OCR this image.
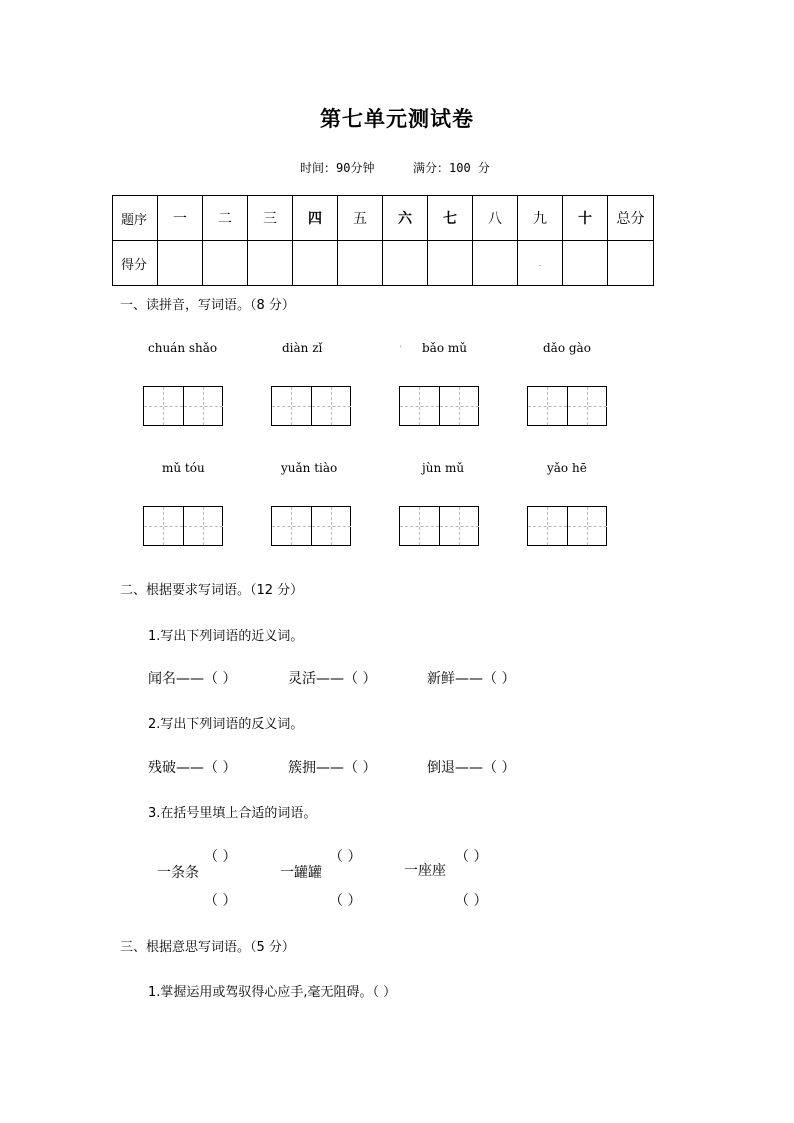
第七单元测试卷
时间：90分钟	满分：100 分
题序	一	二	三	四	五	六	七	八	九	十	总分
得分									.		
一、读拼音，写词语。（8 分）
chuán shǎo	diàn zǐ	. bǎo mǔ	dǎo gào
mǔ tóu	yuǎn tiào	jùn mǔ	yǎo hē
二、根据要求写词语。（12 分）
1.写出下列词语的近义词。
闻名——（ ）	灵活——（ ）	新鲜——（ ）
2.写出下列词语的反义词。
残破——（ ）	簇拥——（ ）	倒退——（ ）
3.在括号里填上合适的词语。
（ ）
一条条
（ ）
（ ）
一罐罐
（ ）
（ ）
一座座
（ ）
三、根据意思写词语。（5 分）
1.掌握运用或驾驭得心应手,毫无阻碍。（ ）
